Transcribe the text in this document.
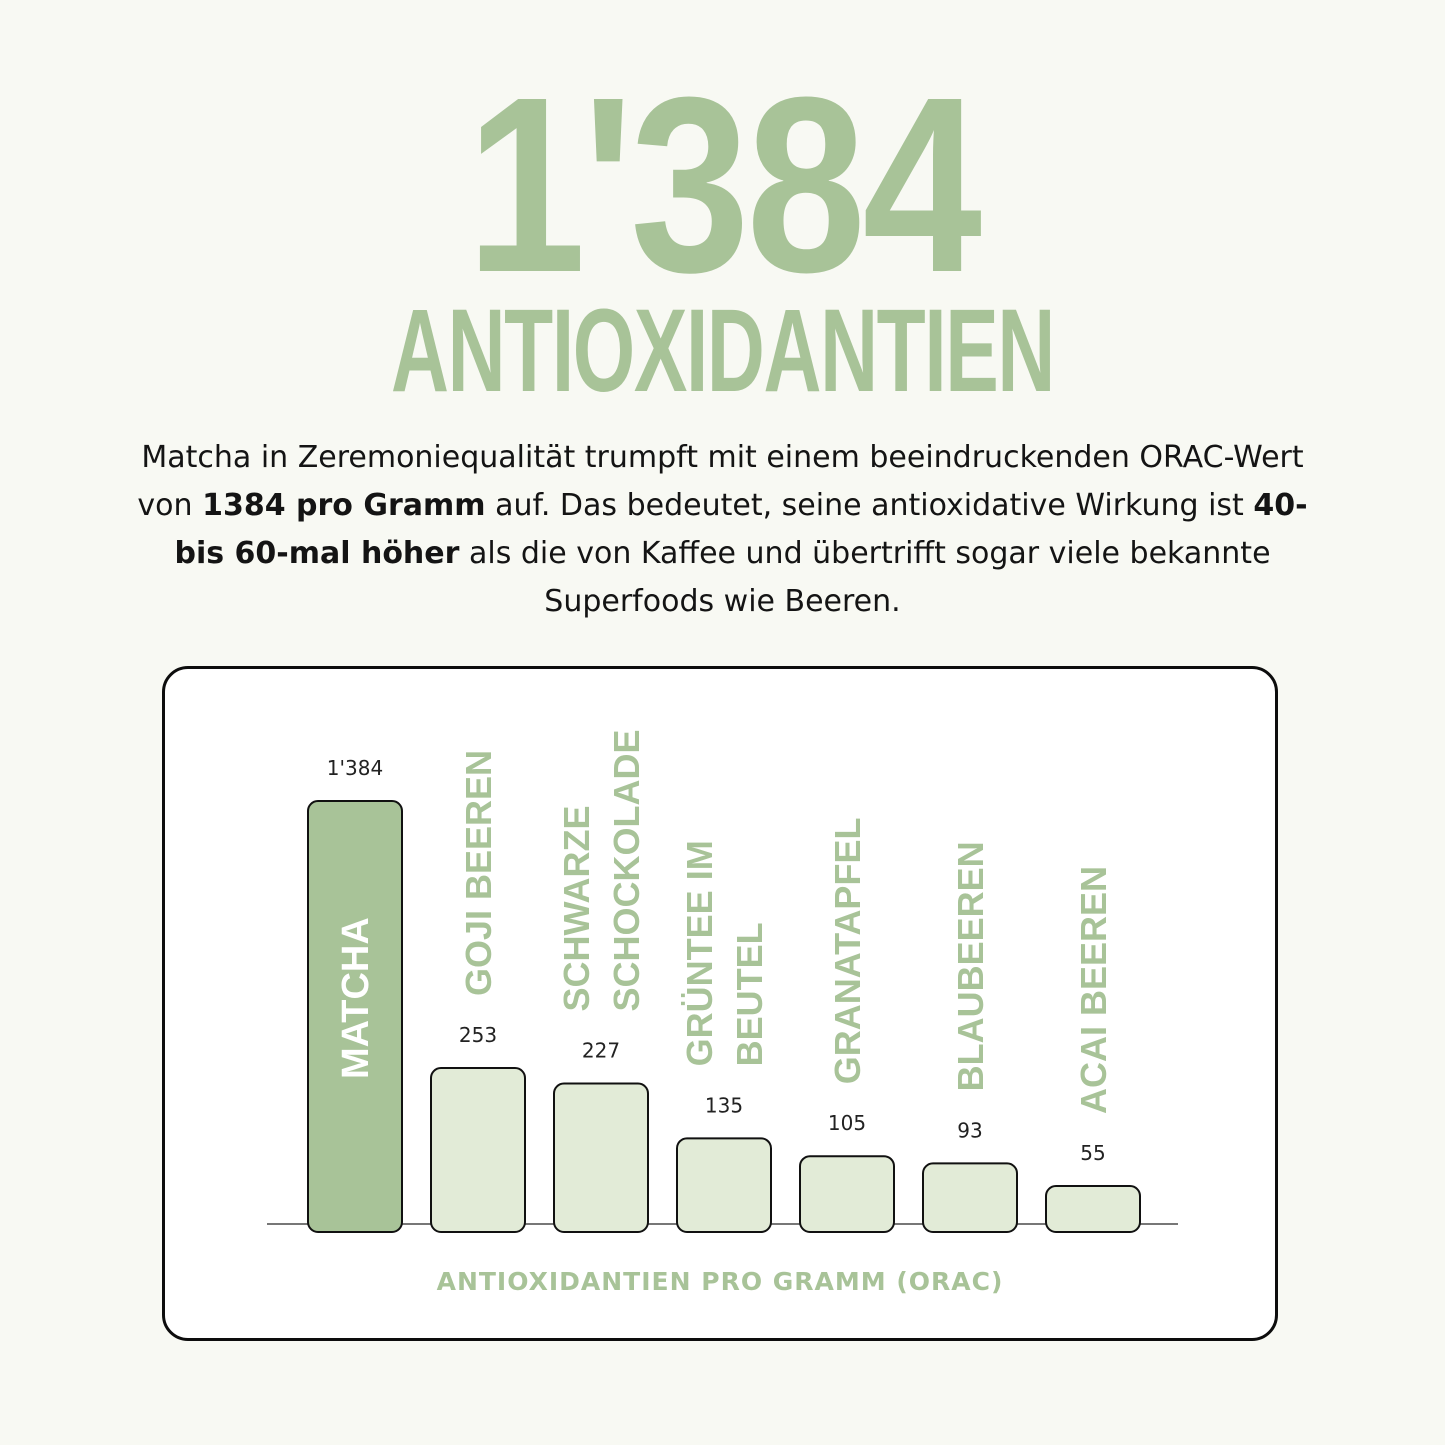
1'384
ANTIOXIDANTIEN
Matcha in Zeremoniequalität trumpft mit einem beeindruckenden ORAC-Wert von 1384 pro Gramm auf. Das bedeutet, seine antioxidative Wirkung ist 40- bis 60-mal höher als die von Kaffee und übertrifft sogar viele bekannte Superfoods wie Beeren.
1'384
MATCHA	253
GOJI BEEREN
227
SCHWARZE SCHOCKOLADE
135
GRÜNTEE IM BEUTEL
105
GRANATAPFEL
93
BLAUBEEREN
55
ACAI BEEREN
ANTIOXIDANTIEN PRO GRAMM (ORAC)
